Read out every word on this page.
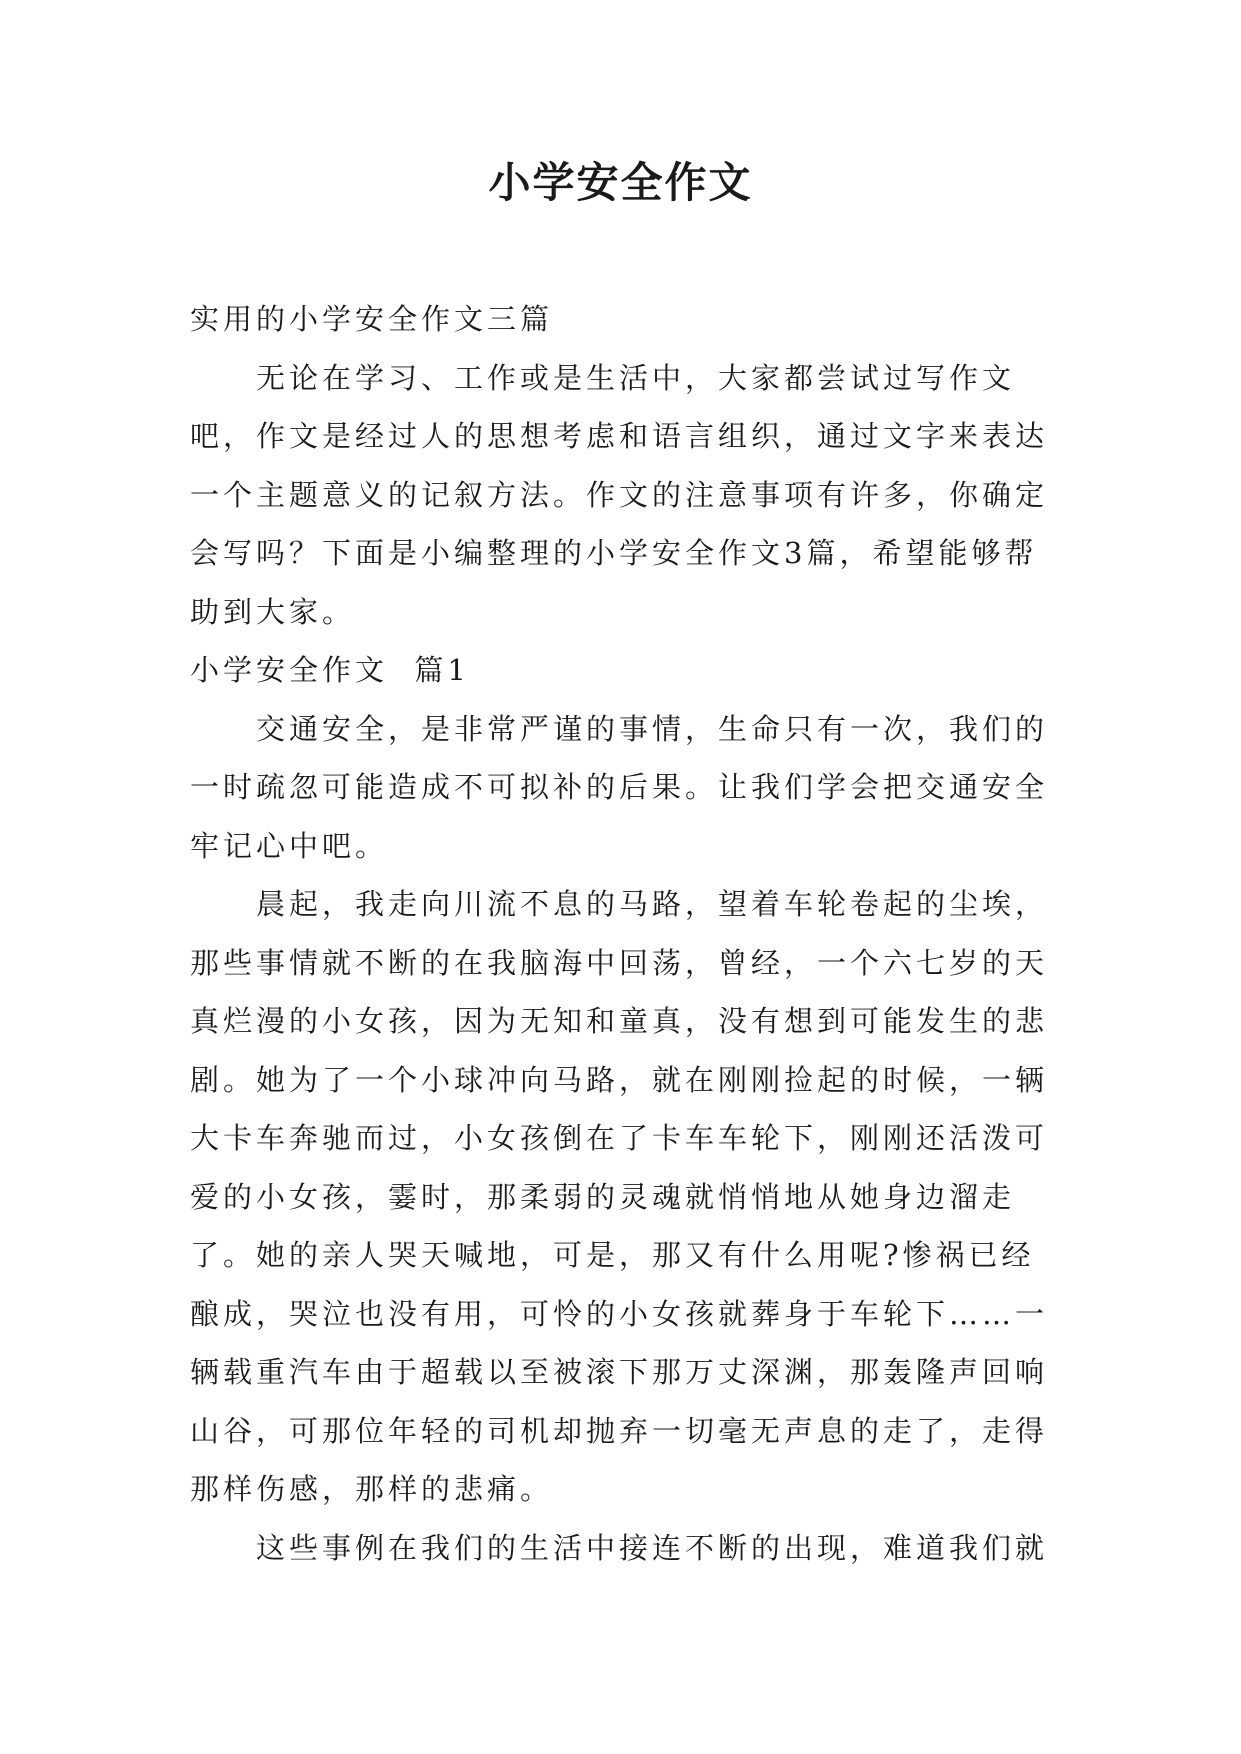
小学安全作文

实用的小学安全作文三篇

无论在学习、工作或是生活中，大家都尝试过写作文吧，作文是经过人的思想考虑和语言组织，通过文字来表达一个主题意义的记叙方法。作文的注意事项有许多，你确定会写吗？下面是小编整理的小学安全作文3篇，希望能够帮助到大家。

小学安全作文  篇1

交通安全，是非常严谨的事情，生命只有一次，我们的一时疏忽可能造成不可拟补的后果。让我们学会把交通安全牢记心中吧。

晨起，我走向川流不息的马路，望着车轮卷起的尘埃，那些事情就不断的在我脑海中回荡，曾经，一个六七岁的天真烂漫的小女孩，因为无知和童真，没有想到可能发生的悲剧。她为了一个小球冲向马路，就在刚刚捡起的时候，一辆大卡车奔驰而过，小女孩倒在了卡车车轮下，刚刚还活泼可爱的小女孩，霎时，那柔弱的灵魂就悄悄地从她身边溜走了。她的亲人哭天喊地，可是，那又有什么用呢?惨祸已经酿成，哭泣也没有用，可怜的小女孩就葬身于车轮下……一辆载重汽车由于超载以至被滚下那万丈深渊，那轰隆声回响山谷，可那位年轻的司机却抛弃一切毫无声息的走了，走得那样伤感，那样的悲痛。

这些事例在我们的生活中接连不断的出现，难道我们就
